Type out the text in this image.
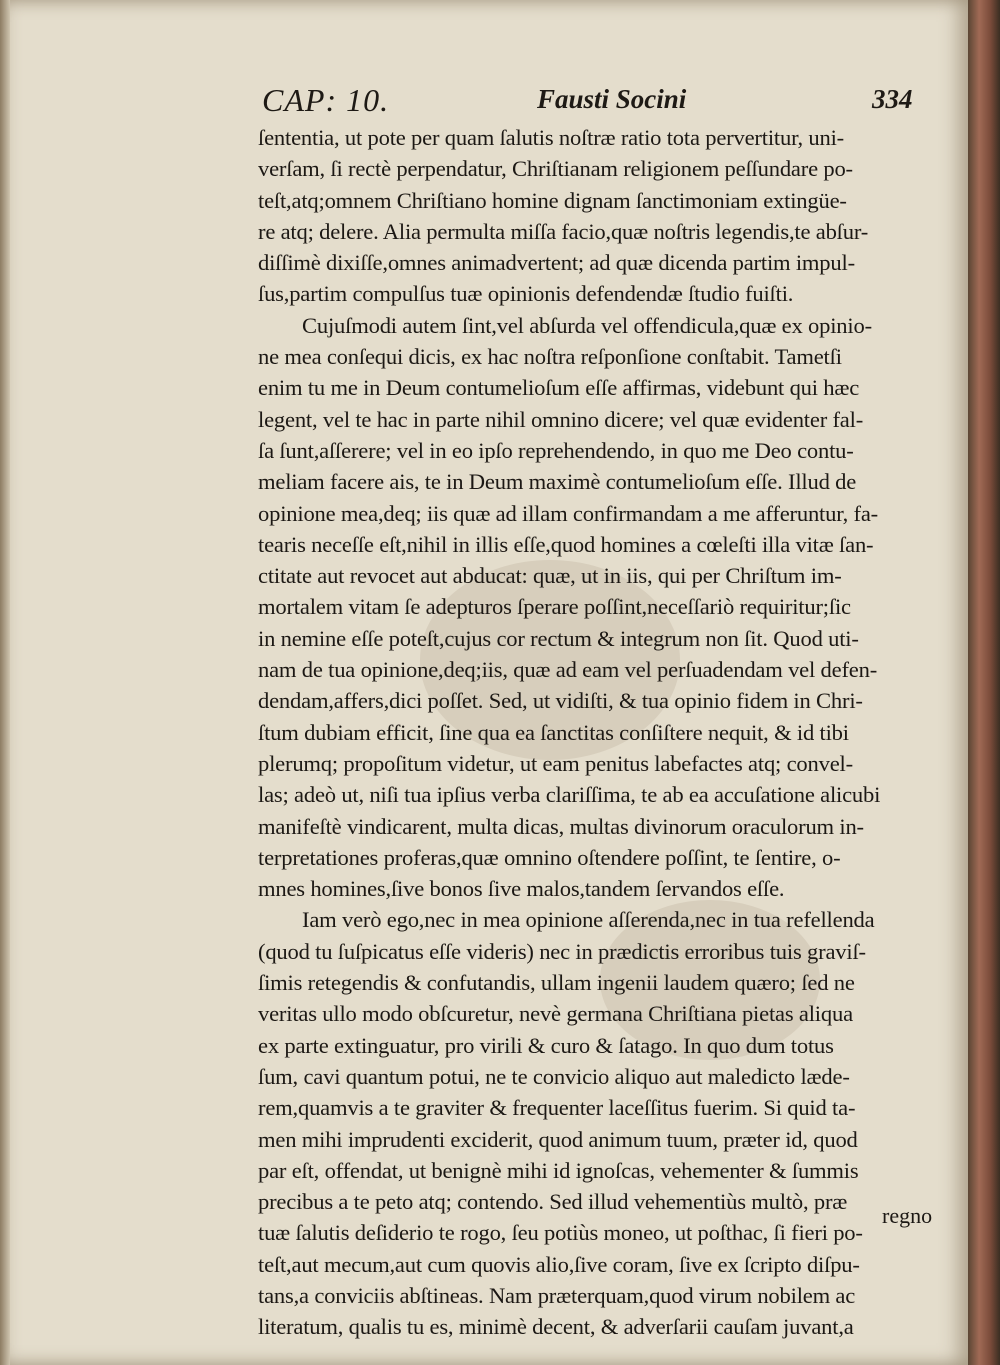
CAP: 10.	Fausti Socini	334
ſententia, ut pote per quam ſalutis noſtræ ratio tota pervertitur, uni-
verſam, ſi rectè perpendatur, Chriſtianam religionem peſſundare po-
teſt,atq;omnem Chriſtiano homine dignam ſanctimoniam extingüe-
re atq; delere. Alia permulta miſſa facio,quæ noſtris legendis,te abſur-
diſſimè dixiſſe,omnes animadvertent; ad quæ dicenda partim impul-
ſus,partim compulſus tuæ opinionis defendendæ ſtudio fuiſti.
Cujuſmodi autem ſint,vel abſurda vel offendicula,quæ ex opinio-
ne mea conſequi dicis, ex hac noſtra reſponſione conſtabit. Tametſi
enim tu me in Deum contumelioſum eſſe affirmas, videbunt qui hæc
legent, vel te hac in parte nihil omnino dicere; vel quæ evidenter fal-
ſa ſunt,aſſerere; vel in eo ipſo reprehendendo, in quo me Deo contu-
meliam facere ais, te in Deum maximè contumelioſum eſſe. Illud de
opinione mea,deq; iis quæ ad illam confirmandam a me afferuntur, fa-
tearis neceſſe eſt,nihil in illis eſſe,quod homines a cœleſti illa vitæ ſan-
ctitate aut revocet aut abducat: quæ, ut in iis, qui per Chriſtum im-
mortalem vitam ſe adepturos ſperare poſſint,neceſſariò requiritur;ſic
in nemine eſſe poteſt,cujus cor rectum & integrum non ſit. Quod uti-
nam de tua opinione,deq;iis, quæ ad eam vel perſuadendam vel defen-
dendam,affers,dici poſſet. Sed, ut vidiſti, & tua opinio fidem in Chri-
ſtum dubiam efficit, ſine qua ea ſanctitas conſiſtere nequit, & id tibi
plerumq; propoſitum videtur, ut eam penitus labefactes atq; convel-
las; adeò ut, niſi tua ipſius verba clariſſima, te ab ea accuſatione alicubi
manifeſtè vindicarent, multa dicas, multas divinorum oraculorum in-
terpretationes proferas,quæ omnino oſtendere poſſint, te ſentire, o-
mnes homines,ſive bonos ſive malos,tandem ſervandos eſſe.
Iam verò ego,nec in mea opinione aſſerenda,nec in tua refellenda
(quod tu ſuſpicatus eſſe videris) nec in prædictis erroribus tuis graviſ-
ſimis retegendis & confutandis, ullam ingenii laudem quæro; ſed ne
veritas ullo modo obſcuretur, nevè germana Chriſtiana pietas aliqua
ex parte extinguatur, pro virili & curo & ſatago. In quo dum totus
ſum, cavi quantum potui, ne te convicio aliquo aut maledicto læde-
rem,quamvis a te graviter & frequenter laceſſitus fuerim. Si quid ta-
men mihi imprudenti exciderit, quod animum tuum, præter id, quod
par eſt, offendat, ut benignè mihi id ignoſcas, vehementer & ſummis
precibus a te peto atq; contendo. Sed illud vehementiùs multò, præ
tuæ ſalutis deſiderio te rogo, ſeu potiùs moneo, ut poſthac, ſi fieri po-
teſt,aut mecum,aut cum quovis alio,ſive coram, ſive ex ſcripto diſpu-
tans,a conviciis abſtineas. Nam præterquam,quod virum nobilem ac
literatum, qualis tu es, minimè decent, & adverſarii cauſam juvant,a
regno
